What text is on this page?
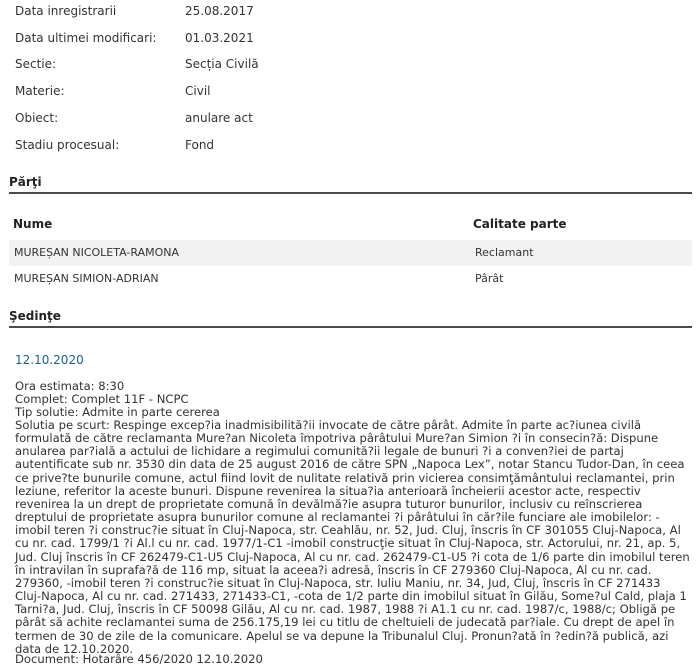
Data inregistrarii	25.08.2017
Data ultimei modificari: 01.03.2021
Sectie:	Secția Civilă
Materie:	Civil
Obiect:	anulare act
Stadiu procesual:	Fond
Părţi
Nume	Calitate parte
MUREȘAN NICOLETA-RAMONA	Reclamant
MUREȘAN SIMION-ADRIAN	Pârât
Şedinţe
12.10.2020
Ora estimata: 8:30
Complet: Complet 11F - NCPC
Tip solutie: Admite in parte cererea
Solutia pe scurt: Respinge excep?ia inadmisibilită?ii invocate de către pârât. Admite în parte ac?iunea civilă formulată de către reclamanta Mure?an Nicoleta împotriva pârâtului Mure?an Simion ?i în consecin?ă: Dispune anularea par?ială a actului de lichidare a regimului comunită?ii legale de bunuri ?i a conven?iei de partaj autentificate sub nr. 3530 din data de 25 august 2016 de către SPN „Napoca Lex”, notar Stancu Tudor-Dan, în ceea ce prive?te bunurile comune, actul fiind lovit de nulitate relativă prin vicierea consimţământului reclamantei, prin leziune, referitor la aceste bunuri. Dispune revenirea la situa?ia anterioară încheierii acestor acte, respectiv revenirea la un drept de proprietate comună în devălmă?ie asupra tuturor bunurilor, inclusiv cu reînscrierea dreptului de proprietate asupra bunurilor comune al reclamantei ?i pârâtului în căr?ile funciare ale imobilelor: -imobil teren ?i construc?ie situat în Cluj-Napoca, str. Ceahlău, nr. 52, Jud. Cluj, înscris în CF 301055 Cluj-Napoca, Al cu nr. cad. 1799/1 ?i Al.l cu nr. cad. 1977/1-C1 -imobil construcţie situat în Cluj-Napoca, str. Actorului, nr. 21, ap. 5, Jud. Cluj înscris în CF 262479-C1-U5 Cluj-Napoca, Al cu nr. cad. 262479-C1-U5 ?i cota de 1/6 parte din imobilul teren în intravilan în suprafa?ă de 116 mp, situat la aceea?i adresă, înscris în CF 279360 Cluj-Napoca, Al cu nr. cad. 279360, -imobil teren ?i construc?ie situat în Cluj-Napoca, str. Iuliu Maniu, nr. 34, Jud, Cluj, înscris în CF 271433 Cluj-Napoca, Al cu nr. cad. 271433, 271433-C1, -cota de 1/2 parte din imobilul situat în Gilău, Some?ul Cald, plaja 1 Tarni?a, Jud. Cluj, înscris în CF 50098 Gilău, Al cu nr. cad. 1987, 1988 ?i A1.1 cu nr. cad. 1987/c, 1988/c; Obligă pe pârât să achite reclamantei suma de 256.175,19 lei cu titlu de cheltuieli de judecată par?iale. Cu drept de apel în termen de 30 de zile de la comunicare. Apelul se va depune la Tribunalul Cluj. Pronun?ată în ?edin?ă publică, azi data de 12.10.2020.
Document: Hotarâre 456/2020 12.10.2020
